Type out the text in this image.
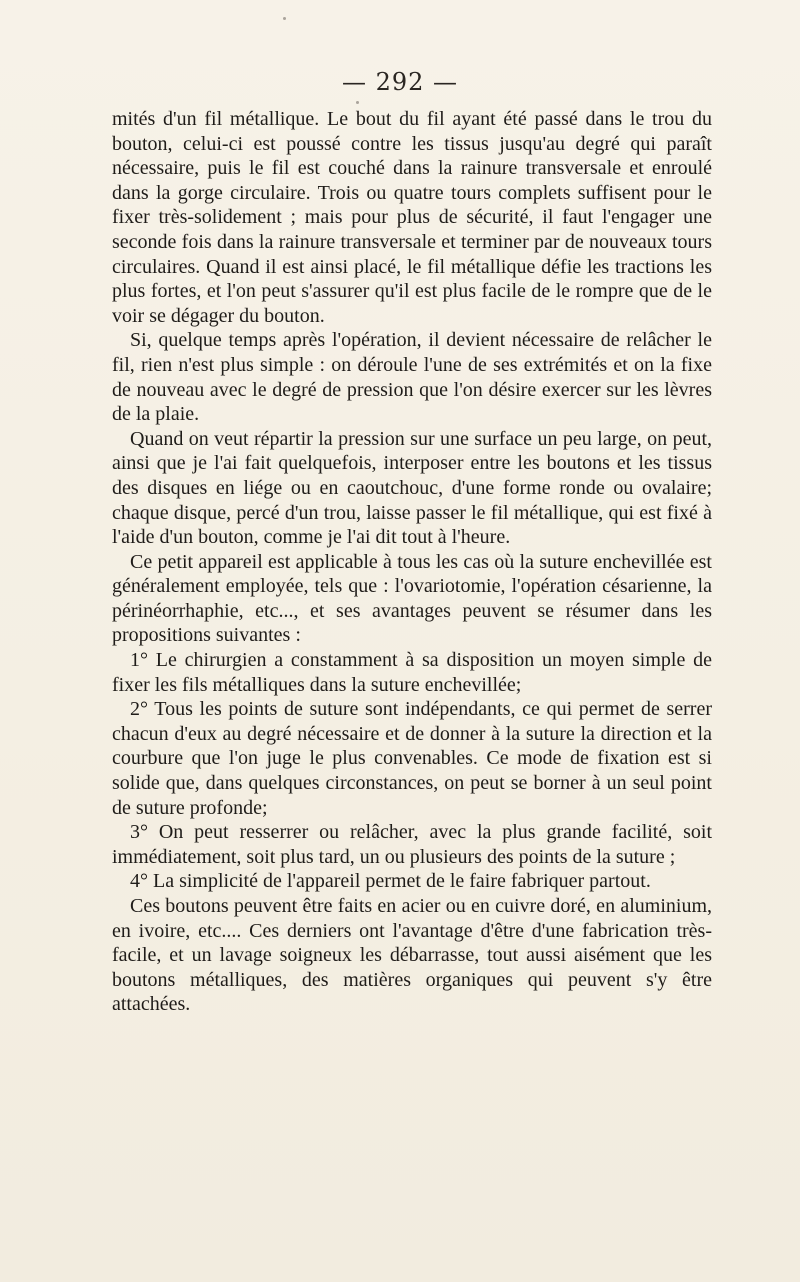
— 292 —

mités d'un fil métallique. Le bout du fil ayant été passé dans le trou du bouton, celui-ci est poussé contre les tissus jusqu'au degré qui paraît nécessaire, puis le fil est couché dans la rainure transversale et enroulé dans la gorge circulaire. Trois ou quatre tours complets suffisent pour le fixer très-solidement ; mais pour plus de sécurité, il faut l'engager une seconde fois dans la rainure transversale et terminer par de nouveaux tours circulaires. Quand il est ainsi placé, le fil métallique défie les tractions les plus fortes, et l'on peut s'assurer qu'il est plus facile de le rompre que de le voir se dégager du bouton.

Si, quelque temps après l'opération, il devient nécessaire de relâcher le fil, rien n'est plus simple : on déroule l'une de ses extrémités et on la fixe de nouveau avec le degré de pression que l'on désire exercer sur les lèvres de la plaie.

Quand on veut répartir la pression sur une surface un peu large, on peut, ainsi que je l'ai fait quelquefois, interposer entre les boutons et les tissus des disques en liége ou en caoutchouc, d'une forme ronde ou ovalaire; chaque disque, percé d'un trou, laisse passer le fil métallique, qui est fixé à l'aide d'un bouton, comme je l'ai dit tout à l'heure.

Ce petit appareil est applicable à tous les cas où la suture enchevillée est généralement employée, tels que : l'ovariotomie, l'opération césarienne, la périnéorrhaphie, etc..., et ses avantages peuvent se résumer dans les propositions suivantes :

1° Le chirurgien a constamment à sa disposition un moyen simple de fixer les fils métalliques dans la suture enchevillée;

2° Tous les points de suture sont indépendants, ce qui permet de serrer chacun d'eux au degré nécessaire et de donner à la suture la direction et la courbure que l'on juge le plus convenables. Ce mode de fixation est si solide que, dans quelques circonstances, on peut se borner à un seul point de suture profonde;

3° On peut resserrer ou relâcher, avec la plus grande facilité, soit immédiatement, soit plus tard, un ou plusieurs des points de la suture ;

4° La simplicité de l'appareil permet de le faire fabriquer partout.

Ces boutons peuvent être faits en acier ou en cuivre doré, en aluminium, en ivoire, etc.... Ces derniers ont l'avantage d'être d'une fabrication très-facile, et un lavage soigneux les débarrasse, tout aussi aisément que les boutons métalliques, des matières organiques qui peuvent s'y être attachées.
